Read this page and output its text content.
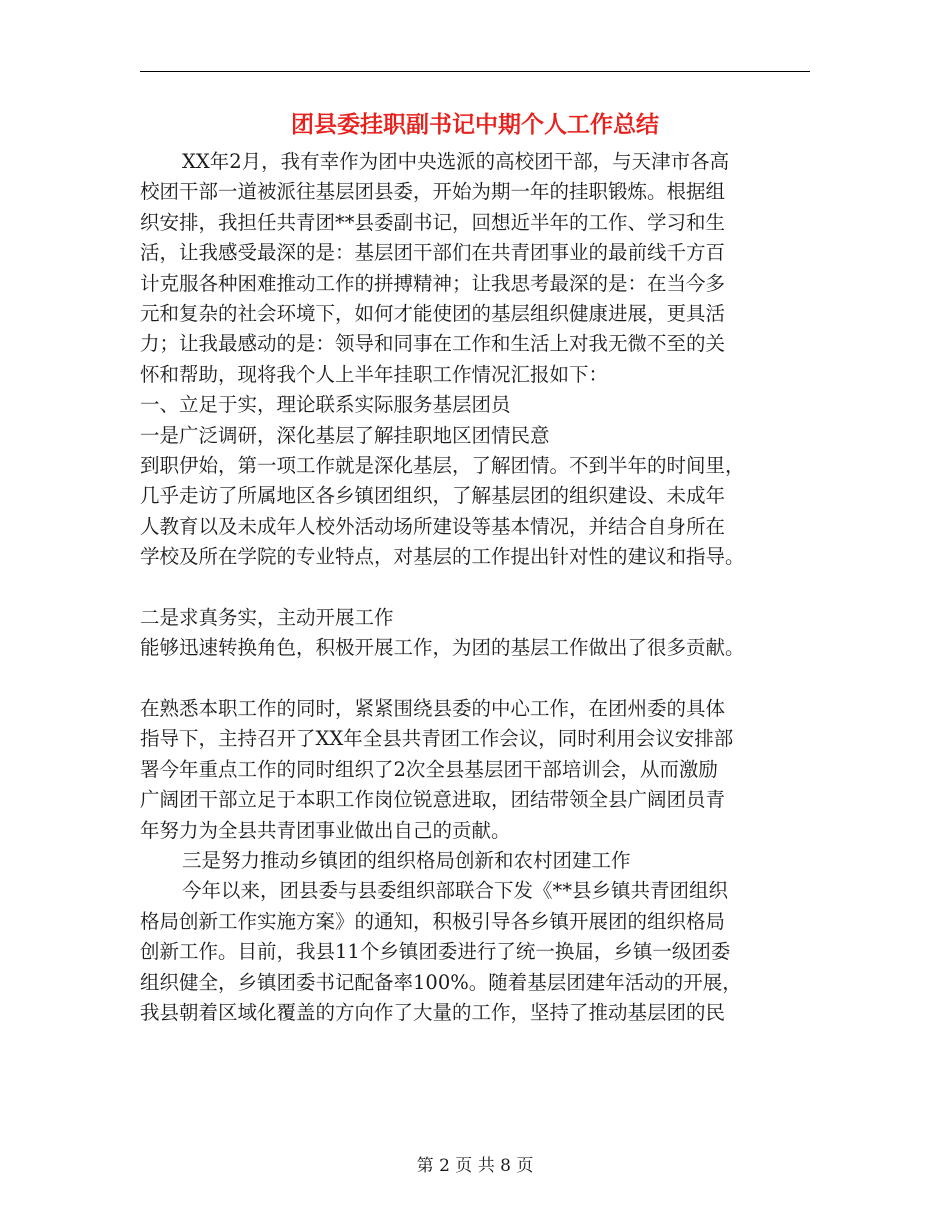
团县委挂职副书记中期个人工作总结
XX年2月，我有幸作为团中央选派的高校团干部，与天津市各高
校团干部一道被派往基层团县委，开始为期一年的挂职锻炼。根据组
织安排，我担任共青团**县委副书记，回想近半年的工作、学习和生
活，让我感受最深的是：基层团干部们在共青团事业的最前线千方百
计克服各种困难推动工作的拼搏精神；让我思考最深的是：在当今多
元和复杂的社会环境下，如何才能使团的基层组织健康进展，更具活
力；让我最感动的是：领导和同事在工作和生活上对我无微不至的关
怀和帮助，现将我个人上半年挂职工作情况汇报如下：
一、立足于实，理论联系实际服务基层团员
一是广泛调研，深化基层了解挂职地区团情民意
到职伊始，第一项工作就是深化基层，了解团情。不到半年的时间里，
几乎走访了所属地区各乡镇团组织，了解基层团的组织建设、未成年
人教育以及未成年人校外活动场所建设等基本情况，并结合自身所在
学校及所在学院的专业特点，对基层的工作提出针对性的建议和指导。
二是求真务实，主动开展工作
能够迅速转换角色，积极开展工作，为团的基层工作做出了很多贡献。
在熟悉本职工作的同时，紧紧围绕县委的中心工作，在团州委的具体
指导下，主持召开了XX年全县共青团工作会议，同时利用会议安排部
署今年重点工作的同时组织了2次全县基层团干部培训会，从而激励
广阔团干部立足于本职工作岗位锐意进取，团结带领全县广阔团员青
年努力为全县共青团事业做出自己的贡献。
三是努力推动乡镇团的组织格局创新和农村团建工作
今年以来，团县委与县委组织部联合下发《**县乡镇共青团组织
格局创新工作实施方案》的通知，积极引导各乡镇开展团的组织格局
创新工作。目前，我县11个乡镇团委进行了统一换届，乡镇一级团委
组织健全，乡镇团委书记配备率100%。随着基层团建年活动的开展，
我县朝着区域化覆盖的方向作了大量的工作，坚持了推动基层团的民
第 2 页 共 8 页
